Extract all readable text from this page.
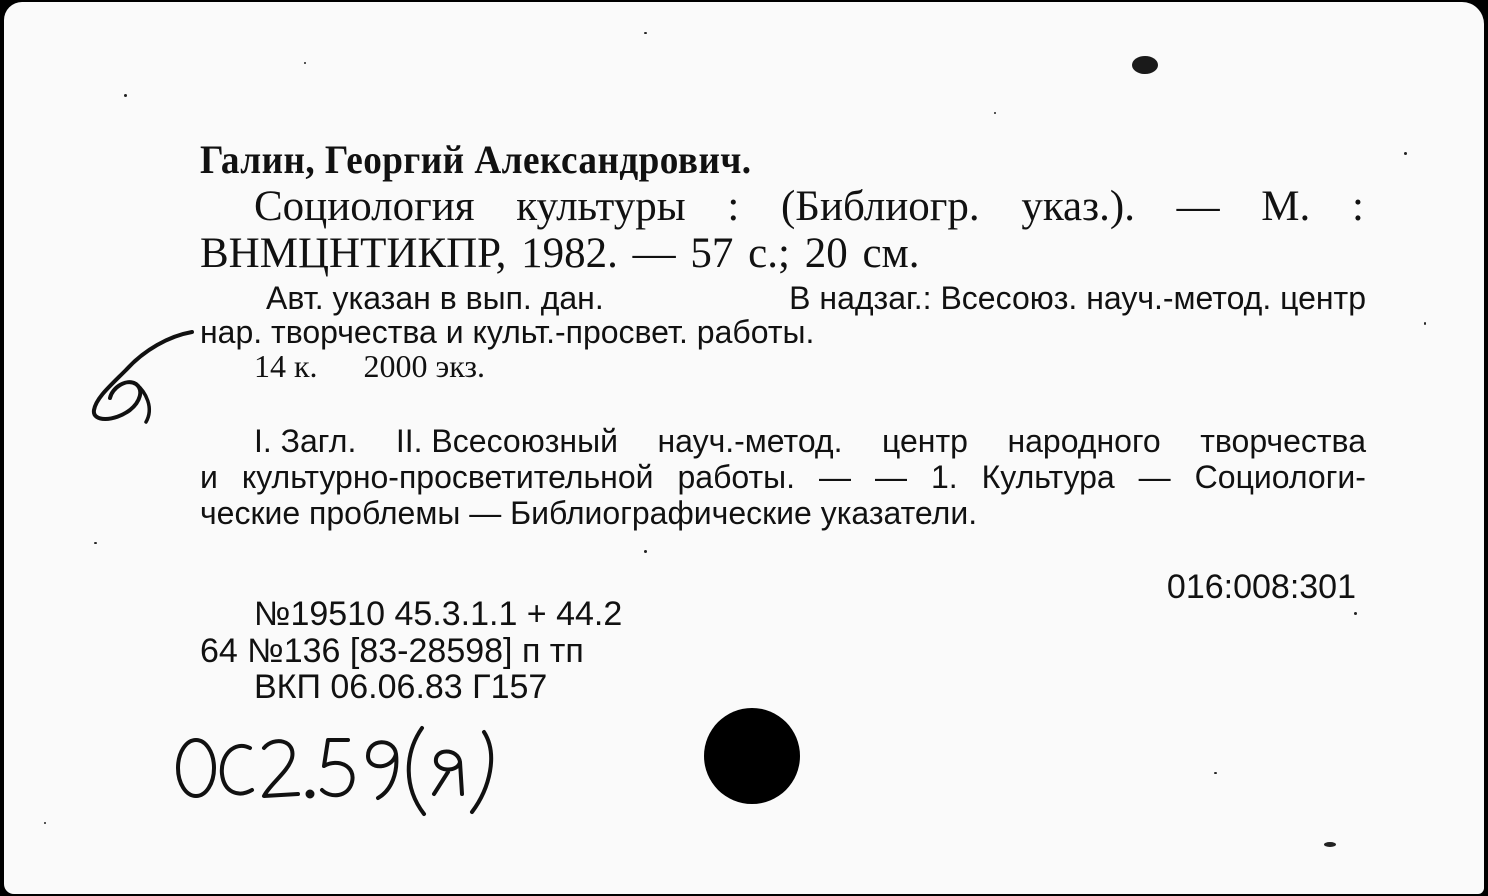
Галин, Георгий Александрович.
Социология культуры : (Библиогр. указ.). — М. :
ВНМЦНТИКПР, 1982. — 57 с.; 20 см.
Авт. указан в вып. дан.	В надзаг.: Всесоюз. науч.-метод. центр
нар. творчества и культ.-просвет. работы.
14 к. 2000 экз.
I. Загл. II. Всесоюзный науч.-метод. центр народного творчества
и культурно-просветительной работы. — — 1. Культура — Социологи-
ческие проблемы — Библиографические указатели.
016:008:301
№19510 45.3.1.1 + 44.2
64 №136 [83-28598] п тп
ВКП 06.06.83 Г157
